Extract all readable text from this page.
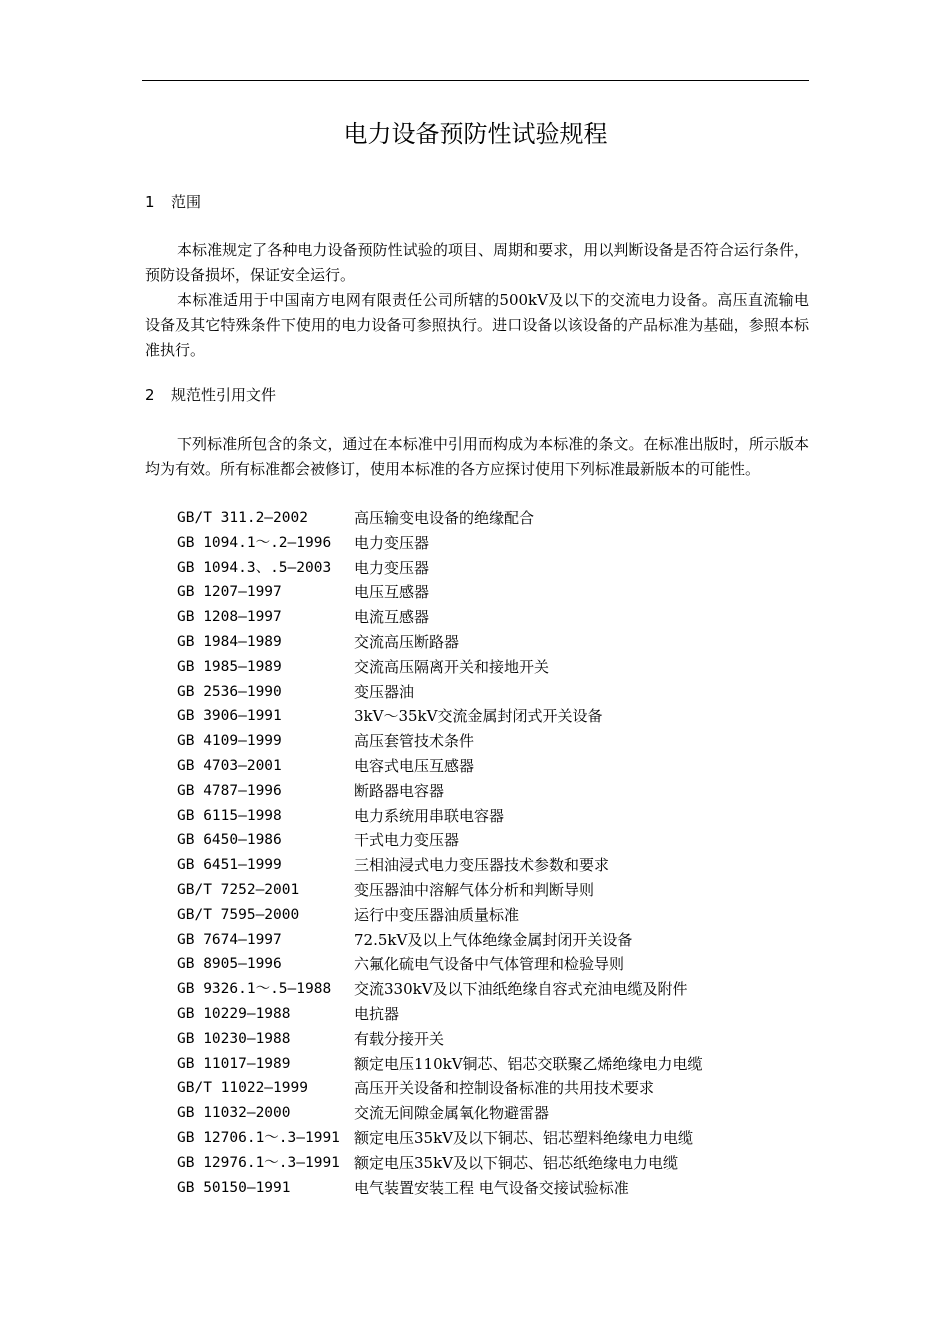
电力设备预防性试验规程
1 范围

本标准规定了各种电力设备预防性试验的项目、周期和要求，用以判断设备是否符合运行条件，预防设备损坏，保证安全运行。

本标准适用于中国南方电网有限责任公司所辖的500kV及以下的交流电力设备。高压直流输电设备及其它特殊条件下使用的电力设备可参照执行。进口设备以该设备的产品标准为基础，参照本标准执行。

2 规范性引用文件

下列标准所包含的条文，通过在本标准中引用而构成为本标准的条文。在标准出版时，所示版本均为有效。所有标准都会被修订，使用本标准的各方应探讨使用下列标准最新版本的可能性。

GB/T 311.2—2002	高压输变电设备的绝缘配合
GB 1094.1～.2—1996 电力变压器
GB 1094.3、.5—2003 电力变压器
GB 1207—1997	电压互感器
GB 1208—1997	电流互感器
GB 1984—1989	交流高压断路器
GB 1985—1989	交流高压隔离开关和接地开关
GB 2536—1990	变压器油
GB 3906—1991	3kV～35kV交流金属封闭式开关设备
GB 4109—1999	高压套管技术条件
GB 4703—2001	电容式电压互感器
GB 4787—1996	断路器电容器
GB 6115—1998	电力系统用串联电容器
GB 6450—1986	干式电力变压器
GB 6451—1999	三相油浸式电力变压器技术参数和要求
GB/T 7252—2001	变压器油中溶解气体分析和判断导则
GB/T 7595—2000	运行中变压器油质量标准
GB 7674—1997	72.5kV及以上气体绝缘金属封闭开关设备
GB 8905—1996	六氟化硫电气设备中气体管理和检验导则
GB 9326.1～.5—1988 交流330kV及以下油纸绝缘自容式充油电缆及附件
GB 10229—1988	电抗器
GB 10230—1988	有载分接开关
GB 11017—1989	额定电压110kV铜芯、铝芯交联聚乙烯绝缘电力电缆
GB/T 11022—1999	高压开关设备和控制设备标准的共用技术要求
GB 11032—2000	交流无间隙金属氧化物避雷器
GB 12706.1～.3—1991 额定电压35kV及以下铜芯、铝芯塑料绝缘电力电缆
GB 12976.1～.3—1991 额定电压35kV及以下铜芯、铝芯纸绝缘电力电缆
GB 50150—1991	电气装置安装工程 电气设备交接试验标准
